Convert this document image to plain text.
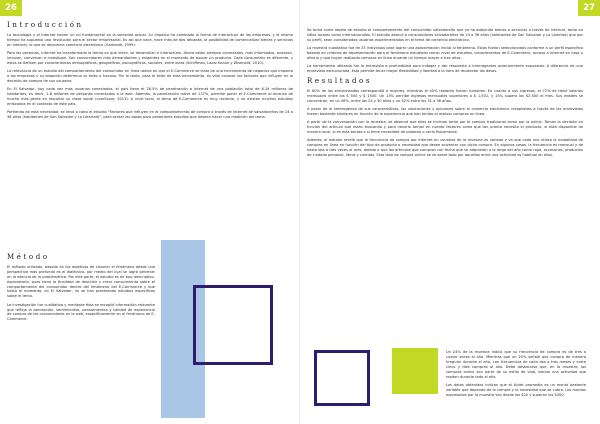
26
Introducción

La tecnología y el Internet tienen un rol fundamental en la sociedad actual. Su impacto ha cambiado la forma de interactuar de las empresas, y el mismo tiempo ha supuesto una revolución para el sector empresarial. Es así que nace, hace más de dos décadas, la posibilidad de comercializar bienes y servicios en Internet, lo que se denomina comercio electrónico (Garibaldi, 1999).

Para las personas, Internet ha transformado la forma en que viven, se desarrollan e interactúan. Ahora están siempre conectados, más informados, analizan, innovan, conversan e investigan. Son consumidores más demandantes y exigentes en el momento de buscar un producto. Cada consumidor es diferente, y estos se definen por características demográficas, geográficas, psicográficas, sociales, entre otras (Schiffman, Lazar Kanuk y Wisenblit, 2010).

La relevancia de un estudio del comportamiento del consumidor en línea radica en que el E-Commerce se trata de una herramienta de negocios que impacta a las empresas y su adopción determina su éxito o fracaso. Por lo tanto, para el éxito de esta herramienta, es vital conocer los factores que influyen en la decisión de compra de sus usuarios.

En El Salvador, hoy cada vez más usuarios conectados, el país tiene el 28.5% de penetración a Internet de una población total de 6.34 millones de habitantes, es decir, 1.8 millones de personas conectadas a la web. Además, la penetración móvil de 137%, permite poner el E-Commerce al alcance de mucha más gente en importar su clase social (comScore, 2013). A nivel local, el tema de E-Commerce es muy reciente, y no existen muchos estudios enfocados en el contexto de este país.

Partiendo de esta necesidad, se llevó a cabo el estudio "Factores que influyen en el comportamiento de compra a través de Internet de salvadoreños de 24 a 36 años (habitantes de San Salvador y La Libertad)", para sentar las bases para posteriores estudios que deseen hacer una medición del tema.

Método

El método utilizado, basado en los objetivos de conocer el fenómeno desde una perspectiva más profunda es el dialéctico, por medio del cual se logró penetrar en la esencia de la problemática. Por otra parte, el estudio es de tipo descriptivo-exploratorio, pues tiene la finalidad de describir y crear conocimiento sobre el comportamiento del consumidor dentro del fenómeno del E-Commerce y que hasta el momento, en El Salvador, no se han presentado estudios específicos sobre el tema.

La investigación fue cualitativa y mediante ésta se recopiló información relevante que refleja la percepción, sentimientos, pensamientos y calidad de experiencia de compra de los consumidores en la web, específicamente en el fenómeno de E-Commerce.

27

Se tomó como objeto de estudio el comportamiento del consumidor salvadoreño que ya ha adquirido bienes o servicios a través de Internet, tanto en sitios locales como internacionales. El estudio abarcó a consumidores salvadoreños de 24 a 36 años (habitantes de San Salvador y La Libertad) que por su perfil, sean considerados usuarios experimentados en el tema de comercio electrónico.

La muestra cualitativa fue de 25 individuos para lograr una aproximación inicial al fenómeno. Estos fueron seleccionados conforme a un perfil específico basado en criterios de representación para el fenómeno estudiado como: nivel de estudios, conocimientos de E-Commerce, acceso a Internet en casa u oficina y que hayan realizado compras en línea durante un tiempo mayor a tres años.

La herramienta utilizada fue la entrevista a profundidad para indagar y dar respuesta a interrogantes anteriormente expuestas. A diferencia de una entrevista estructurada, ésta permite tener mayor flexibilidad y libertad a la hora de recolectar los datos.

Resultados

El 60% de los entrevistados correspondió a mujeres, mientras el 40% restante fueron hombres. En cuanto a sus ingresos, el 72% de tiene salarios mensuales entre los $ 500 y $ 1500. Un 13% percibe ingresos mensuales superiores a $ 1,501, y 15% supera los $2,500 al mes. Sus edades se concentran, en un 48%, entre los 24 y 30 años y un 52% entre los 31 a 36 años.

A pesar de la heterogénea de sus características, las valoraciones y opiniones sobre el comercio electrónico recopiladas a través de las entrevistas fueron bastante similares en función de la experiencia que han tenido al realizar compras en línea.

A partir de la conversación con la muestra, se observó que ellos se inclinan tanto por la compra tradicional como por la online. Toman la decisión en función del artículo que están buscando y para hacerlo toman en cuenta factores como que tan pronto necesita el producto, si está disponible de manera local, si es más barato o si tiene necesidad de probarlo o verlo físicamente.

Además, el estudio reveló que la frecuencia de compra por Internet en usuarios de la muestra es variada y va que cada uno utiliza la modalidad de compras en línea en función del tipo de producto o necesidad que desee solventar con dicha compra. En algunos casos, la frecuencia es mensual y de hasta dos o tres veces al mes, debido a que los artículos que compran con fecha que se adquieren a lo largo del año como ropa, accesorios, productos de cuidado personal, libros y cuentas. Esta tasa de compra online se ve sobre todo por aquellos entre una actividad es habitual en ellos.

Un 24% de la muestra indicó que su frecuencia de compra es de tres a cuatro veces al año. Mientras que un 20% señaló que compra de manera irregular durante el año, con frecuencias de cada dos o tres meses y entre cinco y diez compras al año. Debe destacarse que, en la muestra, las compras online son parte de su estilo de vida, siendo una actividad que repiten durante todo el año.

Los datos obtenidos indican que el ticket promedio es un monto bastante variable que depende de la compra y la necesidad que se cubra. Los montos expresados por la muestra van desde los $20 y superan los $300.
